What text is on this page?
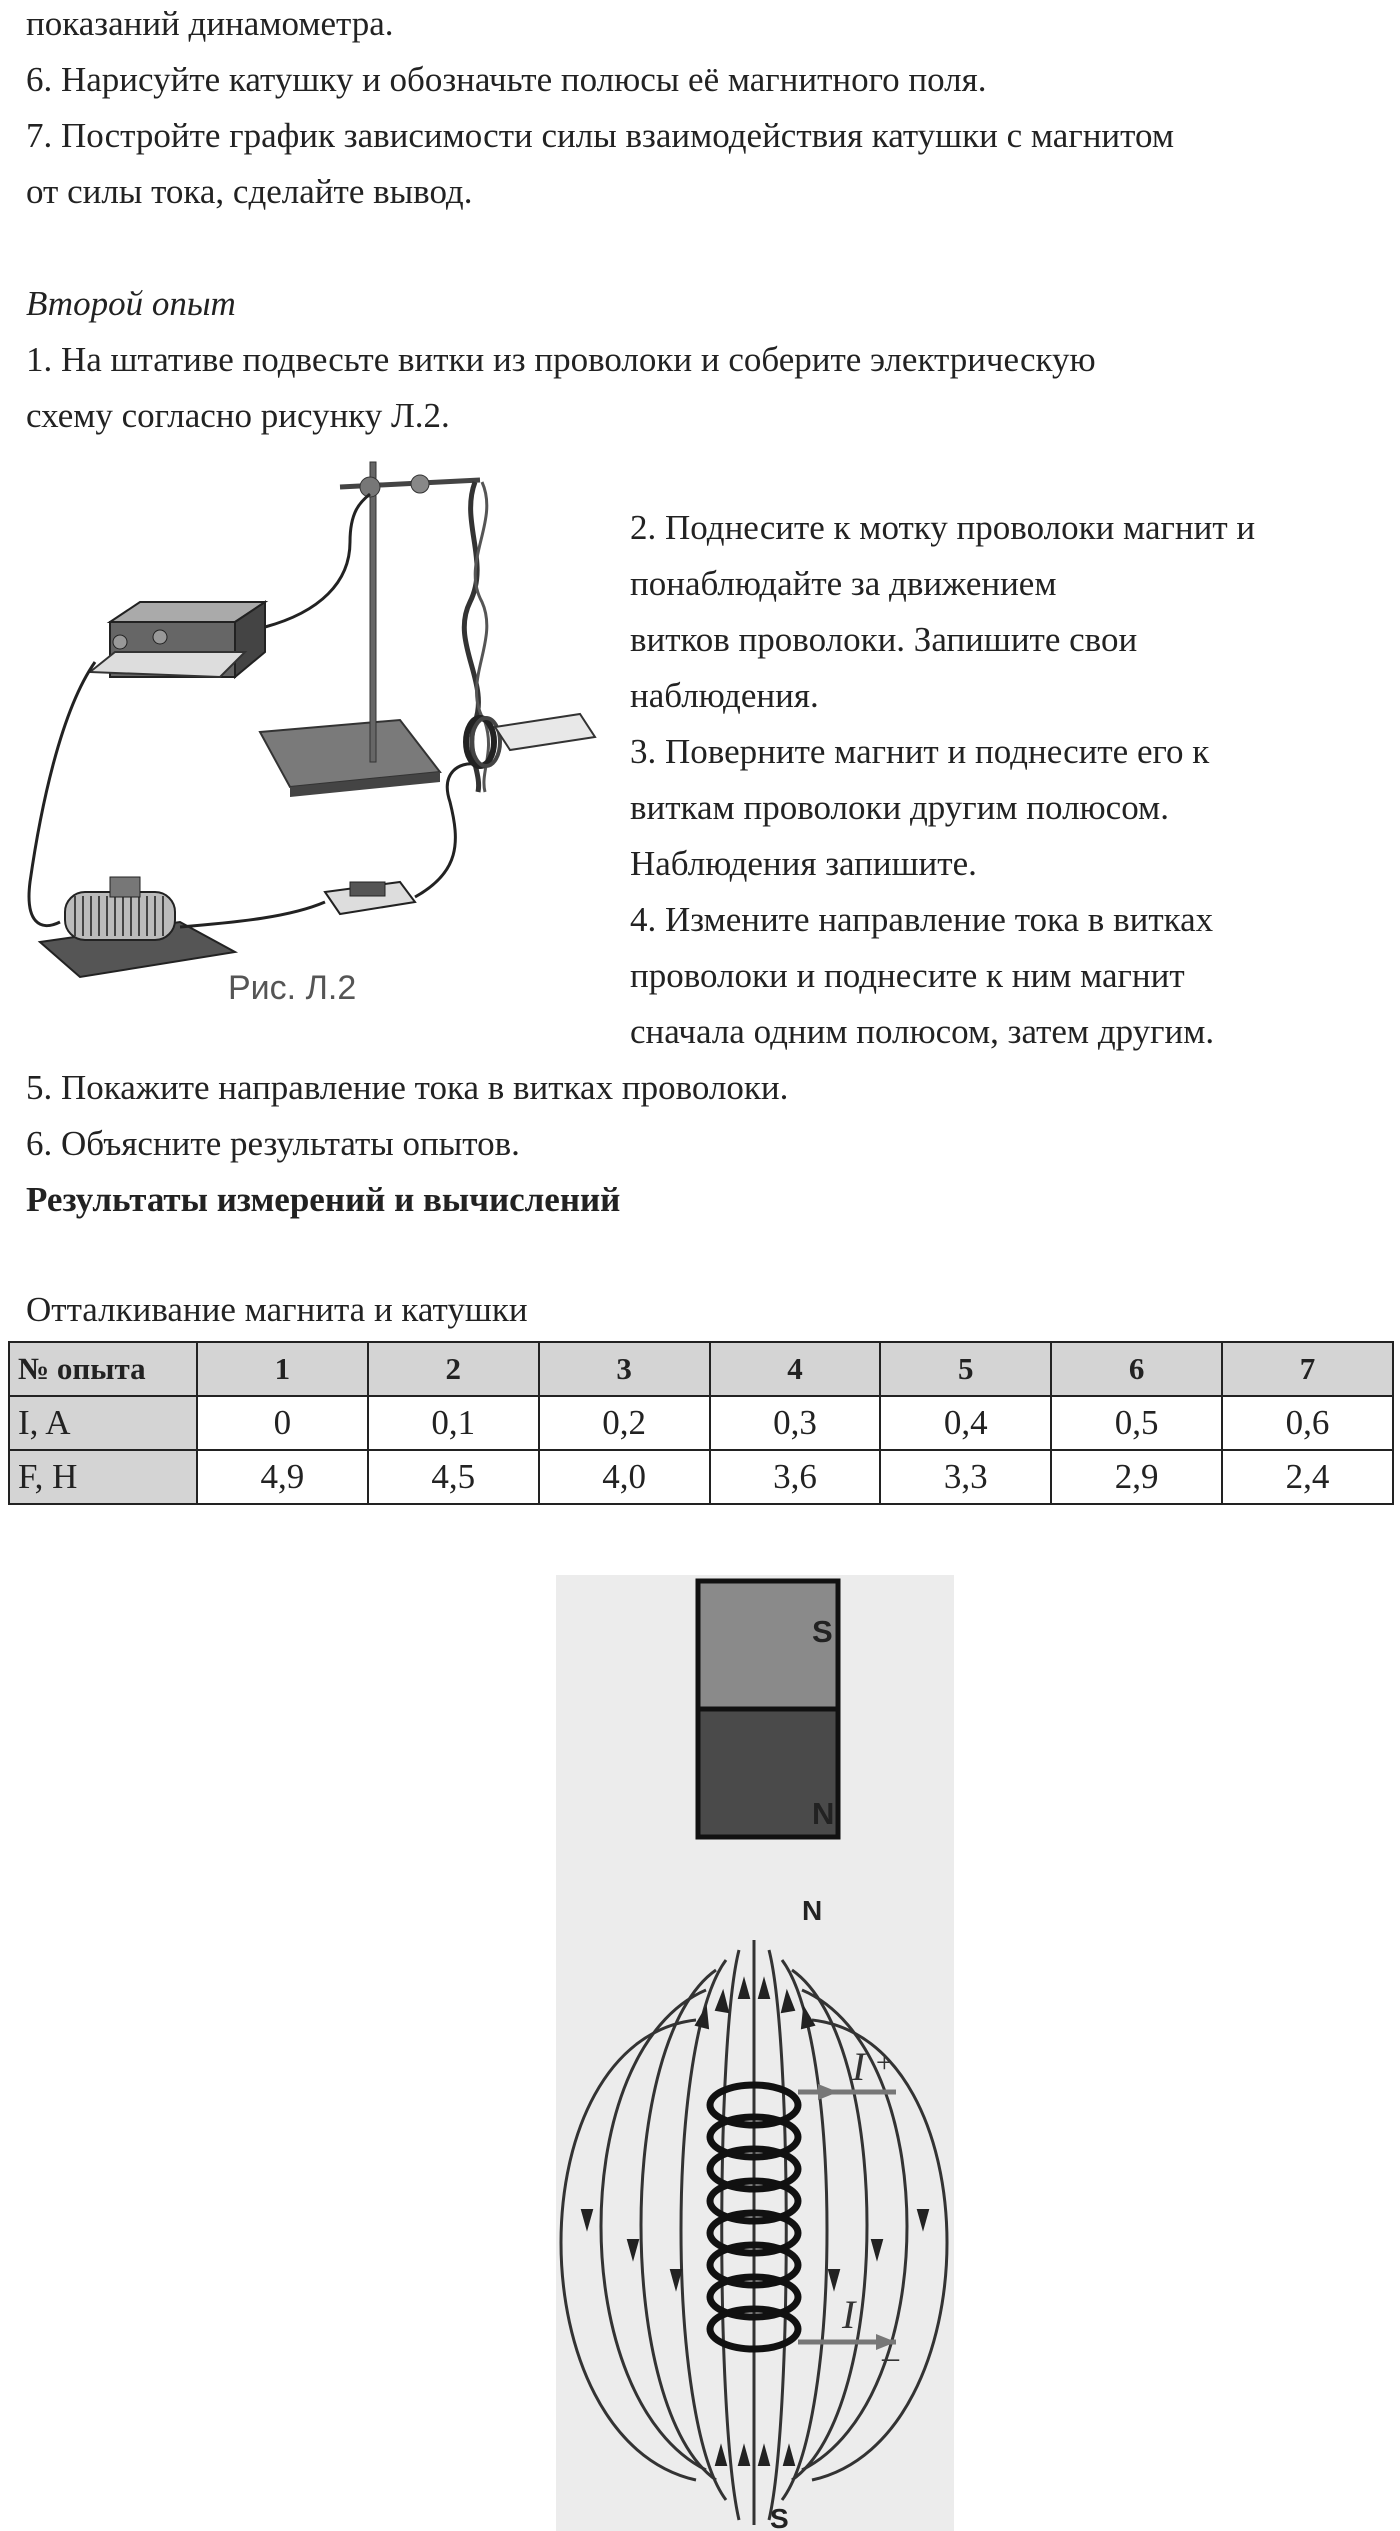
показаний динамометра.
6. Нарисуйте катушку и обозначьте полюсы её магнитного поля.
7. Постройте график зависимости силы взаимодействия катушки с магнитом
от силы тока, сделайте вывод.
Второй опыт
1. На штативе подвесьте витки из проволоки и соберите электрическую
схему согласно рисунку Л.2.
Рис. Л.2
2. Поднесите к мотку проволоки магнит и
понаблюдайте за движением
витков проволоки. Запишите свои
наблюдения.
3. Поверните магнит и поднесите его к
виткам проволоки другим полюсом.
Наблюдения запишите.
4. Измените направление тока в витках
проволоки и поднесите к ним магнит
сначала одним полюсом, затем другим.
5. Покажите направление тока в витках проволоки.
6. Объясните результаты опытов.
Результаты измерений и вычислений
Отталкивание магнита и катушки
№ опыта	1	2	3	4	5	6	7
I, A	0	0,1	0,2	0,3	0,4	0,5	0,6
F, H	4,9	4,5	4,0	3,6	3,3	2,9	2,4
S
N
N
S
I +
I
–
